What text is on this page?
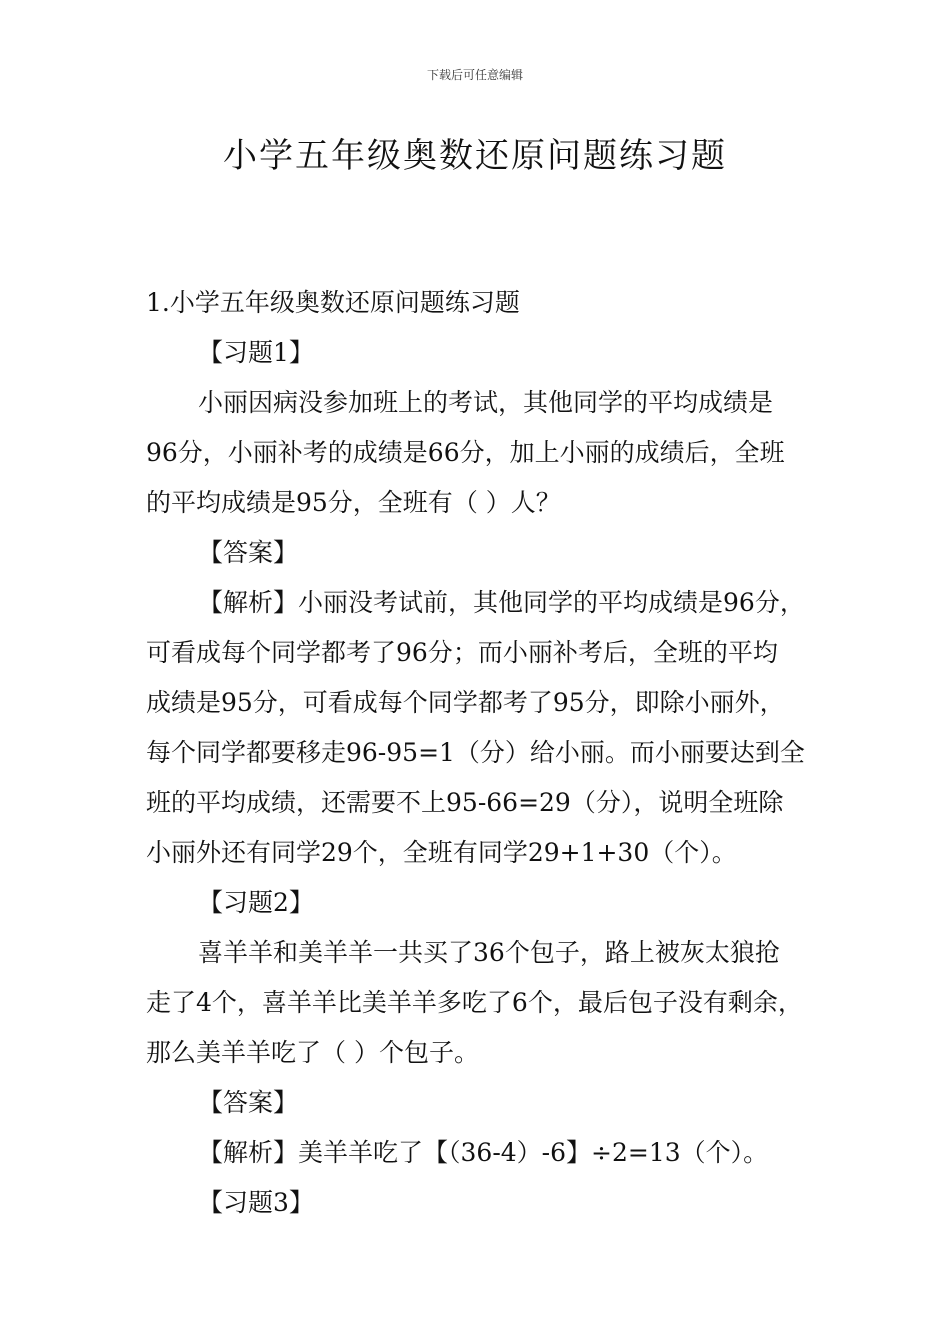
下载后可任意编辑
小学五年级奥数还原问题练习题
1.小学五年级奥数还原问题练习题
【习题1】
小丽因病没参加班上的考试，其他同学的平均成绩是
96分，小丽补考的成绩是66分，加上小丽的成绩后，全班
的平均成绩是95分，全班有（ ）人？
【答案】
【解析】小丽没考试前，其他同学的平均成绩是96分，
可看成每个同学都考了96分；而小丽补考后，全班的平均
成绩是95分，可看成每个同学都考了95分，即除小丽外，
每个同学都要移走96-95=1（分）给小丽。而小丽要达到全
班的平均成绩，还需要不上95-66=29（分），说明全班除
小丽外还有同学29个，全班有同学29+1+30（个）。
【习题2】
喜羊羊和美羊羊一共买了36个包子，路上被灰太狼抢
走了4个，喜羊羊比美羊羊多吃了6个，最后包子没有剩余，
那么美羊羊吃了（ ）个包子。
【答案】
【解析】美羊羊吃了【（36-4）-6】÷2=13（个）。
【习题3】
